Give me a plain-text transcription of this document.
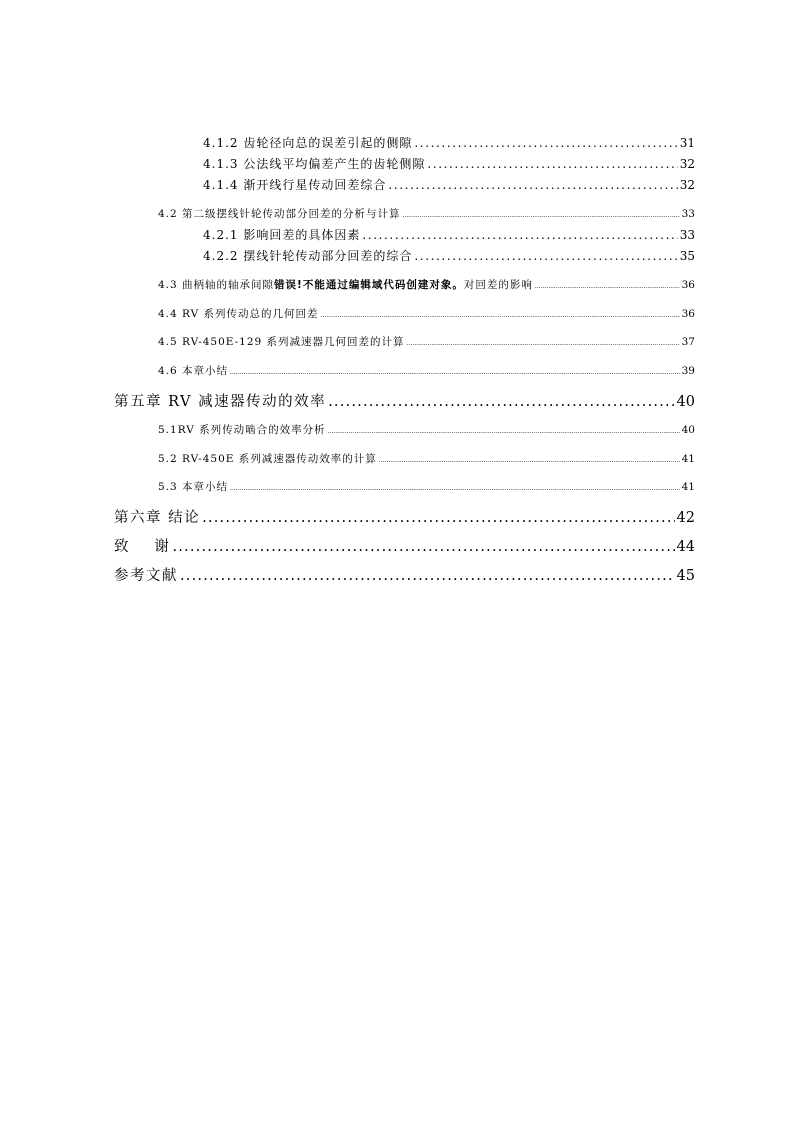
4.1.2 齿轮径向总的误差引起的侧隙 .....	31
4.1.3 公法线平均偏差产生的齿轮侧隙 .....	32
4.1.4 渐开线行星传动回差综合 .....	32
4.2 第二级摆线针轮传动部分回差的分析与计算 .....	33
4.2.1 影响回差的具体因素 .....	33
4.2.2 摆线针轮传动部分回差的综合 .....	35
4.3 曲柄轴的轴承间隙错误!不能通过编辑域代码创建对象。对回差的影响 .....	36
4.4 RV 系列传动总的几何回差 .....	36
4.5 RV-450E-129 系列减速器几何回差的计算 .....	37
4.6 本章小结 .....	39
第五章 RV 减速器传动的效率 .....	40
5.1RV 系列传动啮合的效率分析 .....	40
5.2 RV-450E 系列减速器传动效率的计算 .....	41
5.3 本章小结 .....	41
第六章 结论 .....	42
致    谢 .....	44
参考文献 .....	45
